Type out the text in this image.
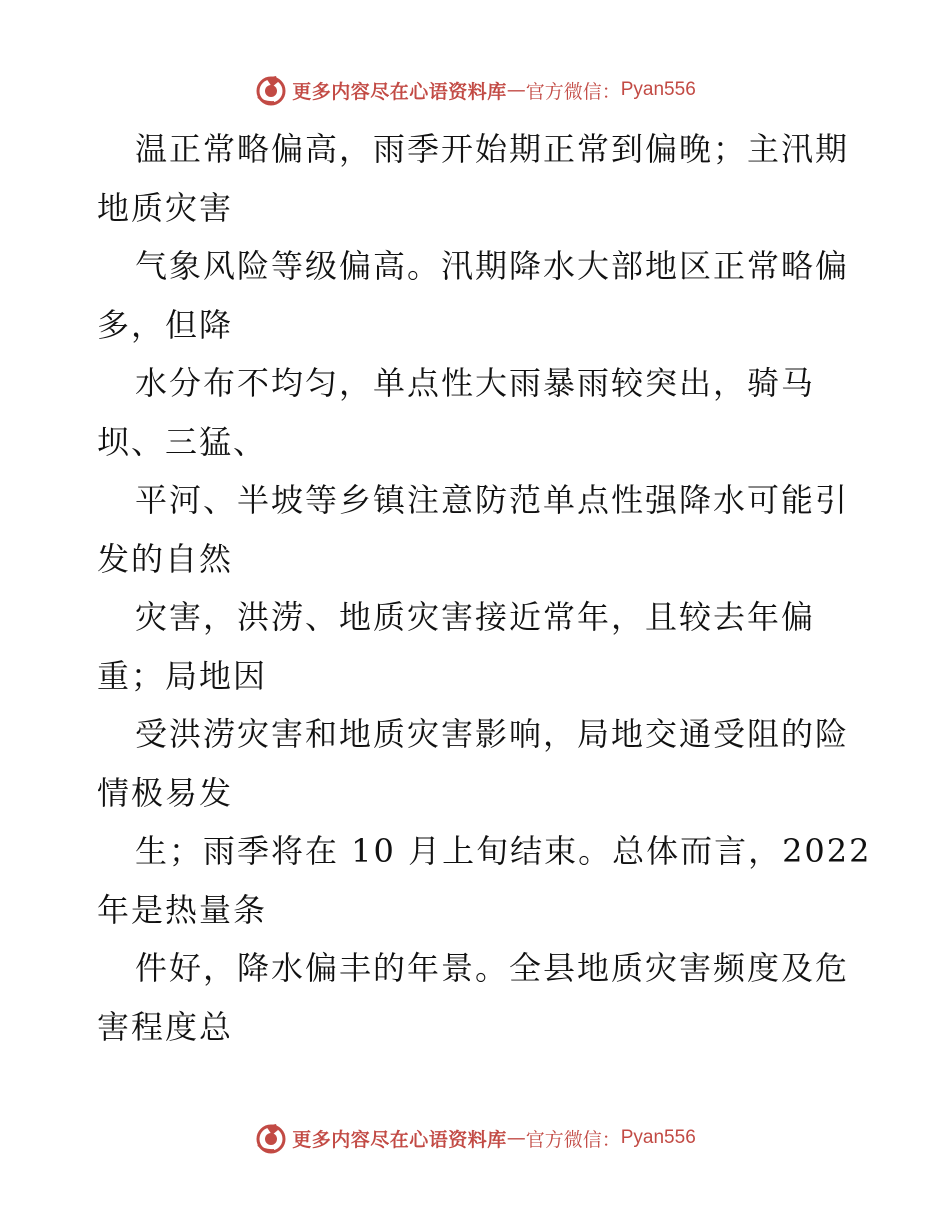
更多内容尽在心语资料库 — 官方微信： Pyan556
温正常略偏高，雨季开始期正常到偏晚；主汛期
地质灾害
气象风险等级偏高。汛期降水大部地区正常略偏
多，但降
水分布不均匀，单点性大雨暴雨较突出，骑马
坝、三猛、
平河、半坡等乡镇注意防范单点性强降水可能引
发的自然
灾害，洪涝、地质灾害接近常年，且较去年偏
重；局地因
受洪涝灾害和地质灾害影响，局地交通受阻的险
情极易发
生；雨季将在 10 月上旬结束。总体而言，2022
年是热量条
件好，降水偏丰的年景。全县地质灾害频度及危
害程度总
更多内容尽在心语资料库 — 官方微信： Pyan556
